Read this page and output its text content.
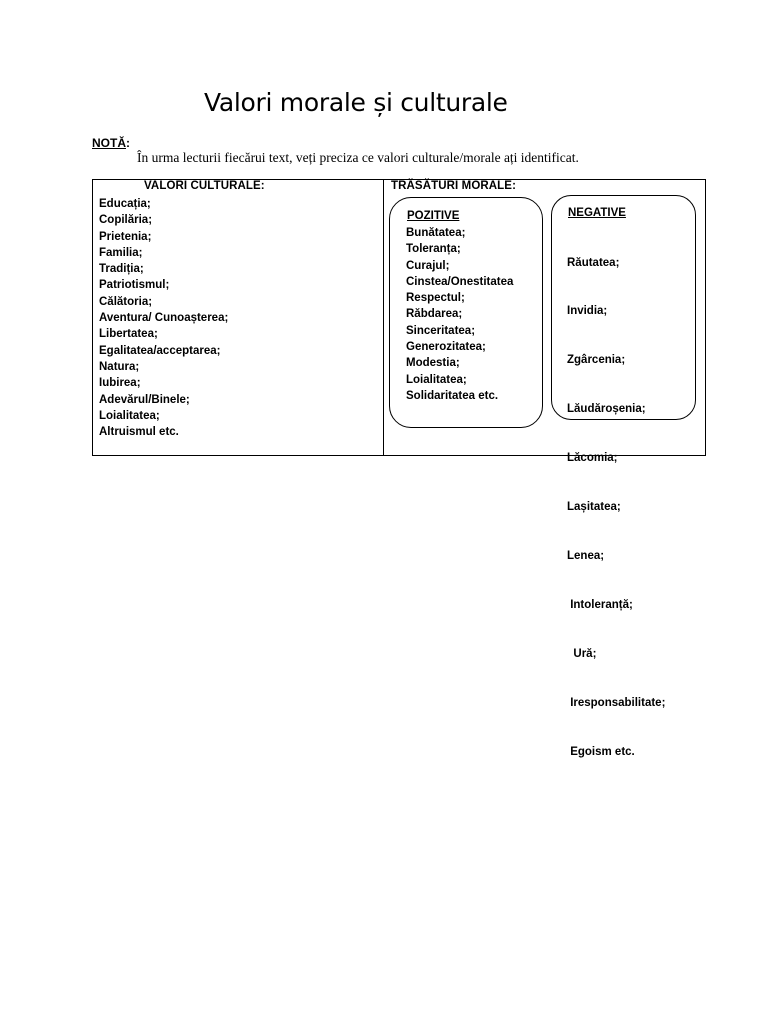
Valori morale și culturale
NOTĂ:
În urma lecturii fiecărui text, veți preciza ce valori culturale/morale ați identificat.
VALORI CULTURALE:
Educația;
Copilăria;
Prietenia;
Familia;
Tradiția;
Patriotismul;
Călătoria;
Aventura/ Cunoașterea;
Libertatea;
Egalitatea/acceptarea;
Natura;
Iubirea;
Adevărul/Binele;
Loialitatea;
Altruismul etc.
TRĂSĂTURI MORALE:
POZITIVE
Bunătatea;
Toleranța;
Curajul;
Cinstea/Onestitatea
Respectul;
Răbdarea;
Sinceritatea;
Generozitatea;
Modestia;
Loialitatea;
Solidaritatea etc.
NEGATIVE

Răutatea;

Invidia;

Zgârcenia;

Lăudăroșenia;

Lăcomia;

Lașitatea;

Lenea;

Intoleranță;

Ură;

Iresponsabilitate;

Egoism etc.
